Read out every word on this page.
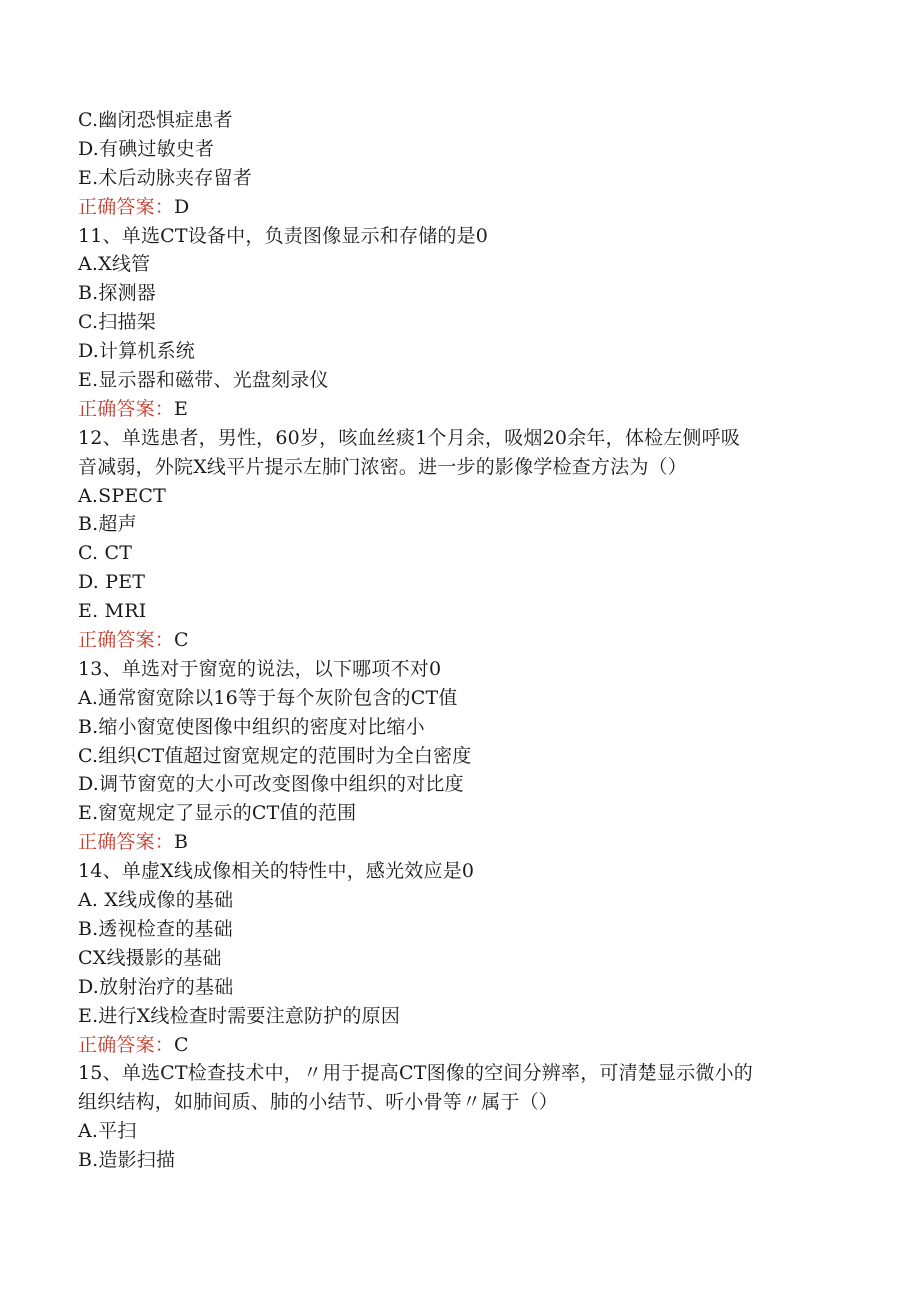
C.幽闭恐惧症患者
D.有碘过敏史者
E.术后动脉夹存留者
正确答案：D
11、单选CT设备中，负责图像显示和存储的是0
A.X线管
B.探测器
C.扫描架
D.计算机系统
E.显示器和磁带、光盘刻录仪
正确答案：E
12、单选患者，男性，60岁，咳血丝痰1个月余，吸烟20余年，体检左侧呼吸
音减弱，外院X线平片提示左肺门浓密。进一步的影像学检查方法为（）
A.SPECT
B.超声
C. CT
D. PET
E. MRI
正确答案：C
13、单选对于窗宽的说法，以下哪项不对0
A.通常窗宽除以16等于每个灰阶包含的CT值
B.缩小窗宽使图像中组织的密度对比缩小
C.组织CT值超过窗宽规定的范围时为全白密度
D.调节窗宽的大小可改变图像中组织的对比度
E.窗宽规定了显示的CT值的范围
正确答案：B
14、单虚X线成像相关的特性中，感光效应是0
A. X线成像的基础
B.透视检查的基础
CX线摄影的基础
D.放射治疗的基础
E.进行X线检查时需要注意防护的原因
正确答案：C
15、单选CT检查技术中，〃用于提高CT图像的空间分辨率，可清楚显示微小的
组织结构，如肺间质、肺的小结节、听小骨等〃属于（）
A.平扫
B.造影扫描
